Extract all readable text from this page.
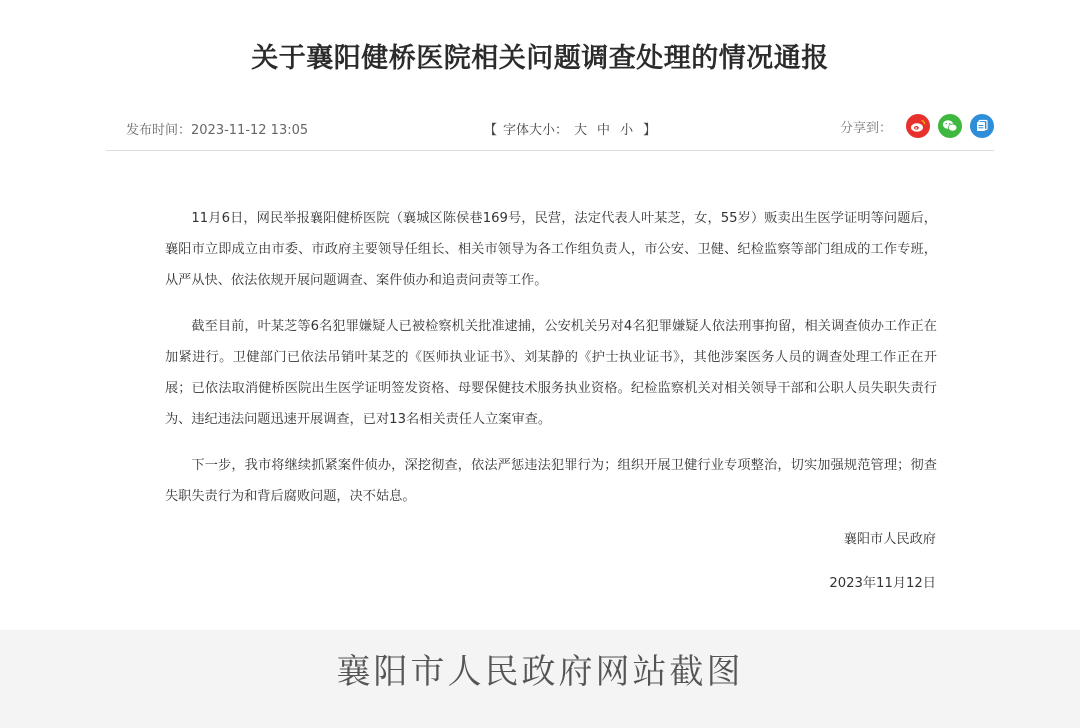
关于襄阳健桥医院相关问题调查处理的情况通报
发布时间：2023-11-12 13:05	【 字体大小： 大 中 小 】	分享到：

11月6日，网民举报襄阳健桥医院（襄城区陈侯巷169号，民营，法定代表人叶某芝，女，55岁）贩卖出生医学证明等问题后，襄阳市立即成立由市委、市政府主要领导任组长、相关市领导为各工作组负责人，市公安、卫健、纪检监察等部门组成的工作专班，从严从快、依法依规开展问题调查、案件侦办和追责问责等工作。

截至目前，叶某芝等6名犯罪嫌疑人已被检察机关批准逮捕，公安机关另对4名犯罪嫌疑人依法刑事拘留，相关调查侦办工作正在加紧进行。卫健部门已依法吊销叶某芝的《医师执业证书》、刘某静的《护士执业证书》，其他涉案医务人员的调查处理工作正在开展；已依法取消健桥医院出生医学证明签发资格、母婴保健技术服务执业资格。纪检监察机关对相关领导干部和公职人员失职失责行为、违纪违法问题迅速开展调查，已对13名相关责任人立案审查。

下一步，我市将继续抓紧案件侦办，深挖彻查，依法严惩违法犯罪行为；组织开展卫健行业专项整治，切实加强规范管理；彻查失职失责行为和背后腐败问题，决不姑息。

襄阳市人民政府
2023年11月12日
襄阳市人民政府网站截图
